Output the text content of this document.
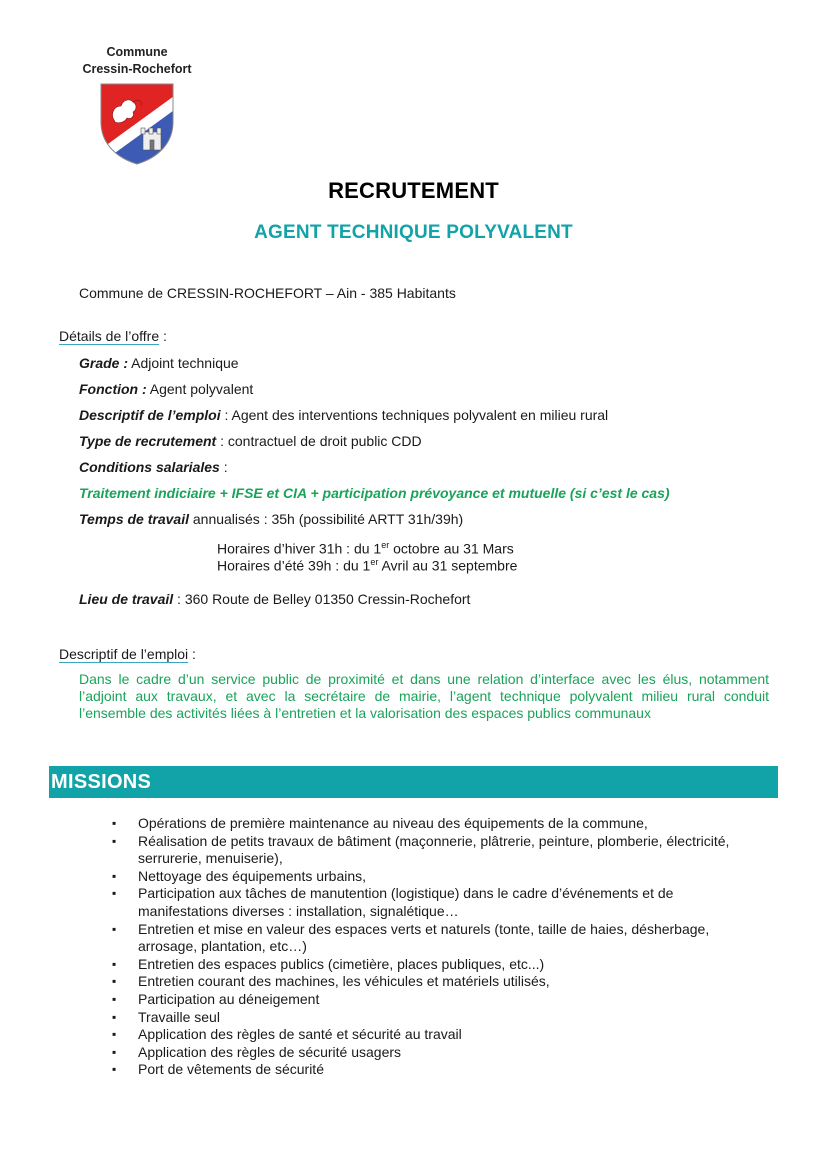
Commune
Cressin-Rochefort
RECRUTEMENT
AGENT TECHNIQUE POLYVALENT
Commune de CRESSIN-ROCHEFORT – Ain - 385 Habitants
Détails de l’offre :
Grade : Adjoint technique
Fonction : Agent polyvalent
Descriptif de l’emploi : Agent des interventions techniques polyvalent en milieu rural
Type de recrutement : contractuel de droit public CDD
Conditions salariales :
Traitement indiciaire + IFSE et CIA + participation prévoyance et mutuelle (si c’est le cas)
Temps de travail annualisés : 35h (possibilité ARTT 31h/39h)
Horaires d’hiver 31h : du 1er octobre au 31 Mars
Horaires d’été 39h : du 1er Avril au 31 septembre
Lieu de travail : 360 Route de Belley 01350 Cressin-Rochefort
Descriptif de l’emploi :
Dans le cadre d’un service public de proximité et dans une relation d’interface avec les élus, notamment l’adjoint aux travaux, et avec la secrétaire de mairie, l’agent technique polyvalent milieu rural conduit l’ensemble des activités liées à l’entretien et la valorisation des espaces publics communaux
MISSIONS
▪ Opérations de première maintenance au niveau des équipements de la commune,
▪ Réalisation de petits travaux de bâtiment (maçonnerie, plâtrerie, peinture, plomberie, électricité, serrurerie, menuiserie),
▪ Nettoyage des équipements urbains,
▪ Participation aux tâches de manutention (logistique) dans le cadre d’événements et de manifestations diverses : installation, signalétique…
▪ Entretien et mise en valeur des espaces verts et naturels (tonte, taille de haies, désherbage, arrosage, plantation, etc…)
▪ Entretien des espaces publics (cimetière, places publiques, etc...)
▪ Entretien courant des machines, les véhicules et matériels utilisés,
▪ Participation au déneigement
▪ Travaille seul
▪ Application des règles de santé et sécurité au travail
▪ Application des règles de sécurité usagers
▪ Port de vêtements de sécurité
